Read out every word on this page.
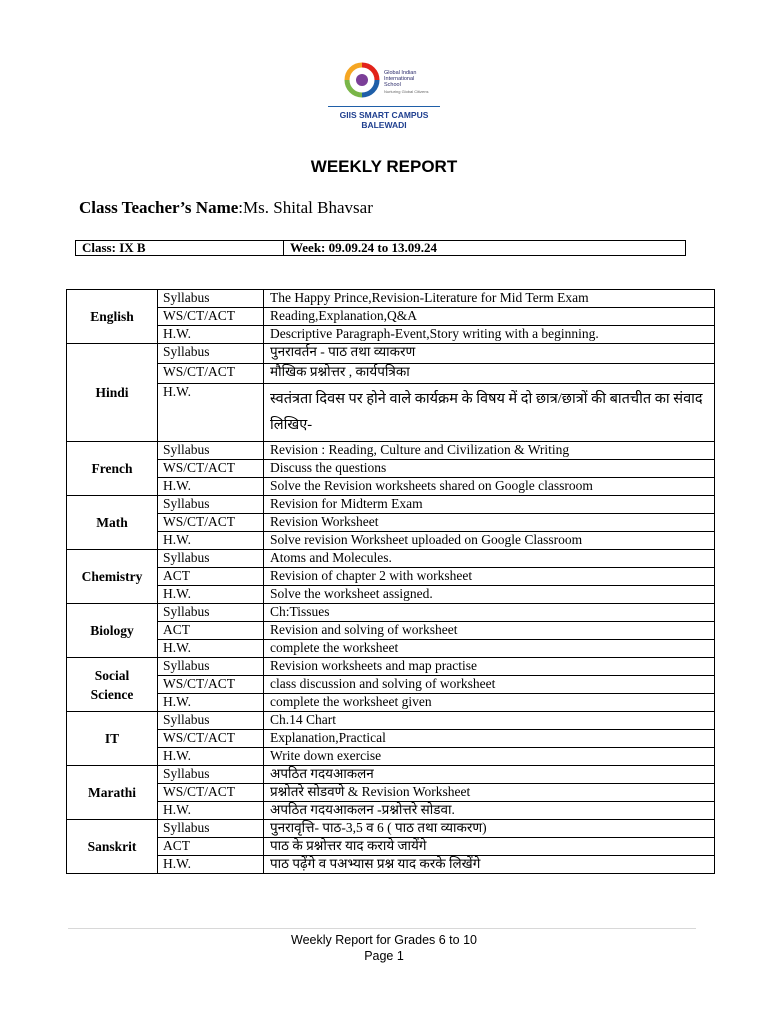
Global Indian
International
School
Nurturing Global Citizens
GIIS SMART CAMPUS
BALEWADI
WEEKLY REPORT
Class Teacher’s Name:Ms. Shital Bhavsar
Class: IX B	Week: 09.09.24 to 13.09.24
English	Syllabus	The Happy Prince,Revision-Literature for Mid Term Exam
	WS/CT/ACT	Reading,Explanation,Q&A
	H.W.	Descriptive Paragraph-Event,Story writing with a beginning.
Hindi	Syllabus	पुनरावर्तन - पाठ तथा व्याकरण
	WS/CT/ACT	मौखिक प्रश्नोत्तर , कार्यपत्रिका
	H.W.	स्वतंत्रता दिवस पर होने वाले कार्यक्रम के विषय में दो छात्र/छात्रों की बातचीत का संवाद लिखिए-
French	Syllabus	Revision : Reading, Culture and Civilization & Writing
	WS/CT/ACT	Discuss the questions
	H.W.	Solve the Revision worksheets shared on Google classroom
Math	Syllabus	Revision for Midterm Exam
	WS/CT/ACT	Revision Worksheet
	H.W.	Solve revision Worksheet uploaded on Google Classroom
Chemistry	Syllabus	Atoms and Molecules.
	ACT	Revision of chapter 2 with worksheet
	H.W.	Solve the worksheet assigned.
Biology	Syllabus	Ch:Tissues
	ACT	Revision and solving of worksheet
	H.W.	complete the worksheet
Social Science	Syllabus	Revision worksheets and map practise
	WS/CT/ACT	class discussion and solving of worksheet
	H.W.	complete the worksheet given
IT	Syllabus	Ch.14 Chart
	WS/CT/ACT	Explanation,Practical
	H.W.	Write down exercise
Marathi	Syllabus	अपठित गदयआकलन
	WS/CT/ACT	प्रश्नोतरे सोडवणे & Revision Worksheet
	H.W.	अपठित गदयआकलन -प्रश्नोत्तरे सोडवा.
Sanskrit	Syllabus	पुनरावृत्ति- पाठ-3,5 व 6 ( पाठ तथा व्याकरण)
	ACT	पाठ के प्रश्नोत्तर याद कराये जायेंगे
	H.W.	पाठ पढ़ेंगे व पअभ्यास प्रश्न याद करके लिखेंगे
Weekly Report for Grades 6 to 10
Page 1
